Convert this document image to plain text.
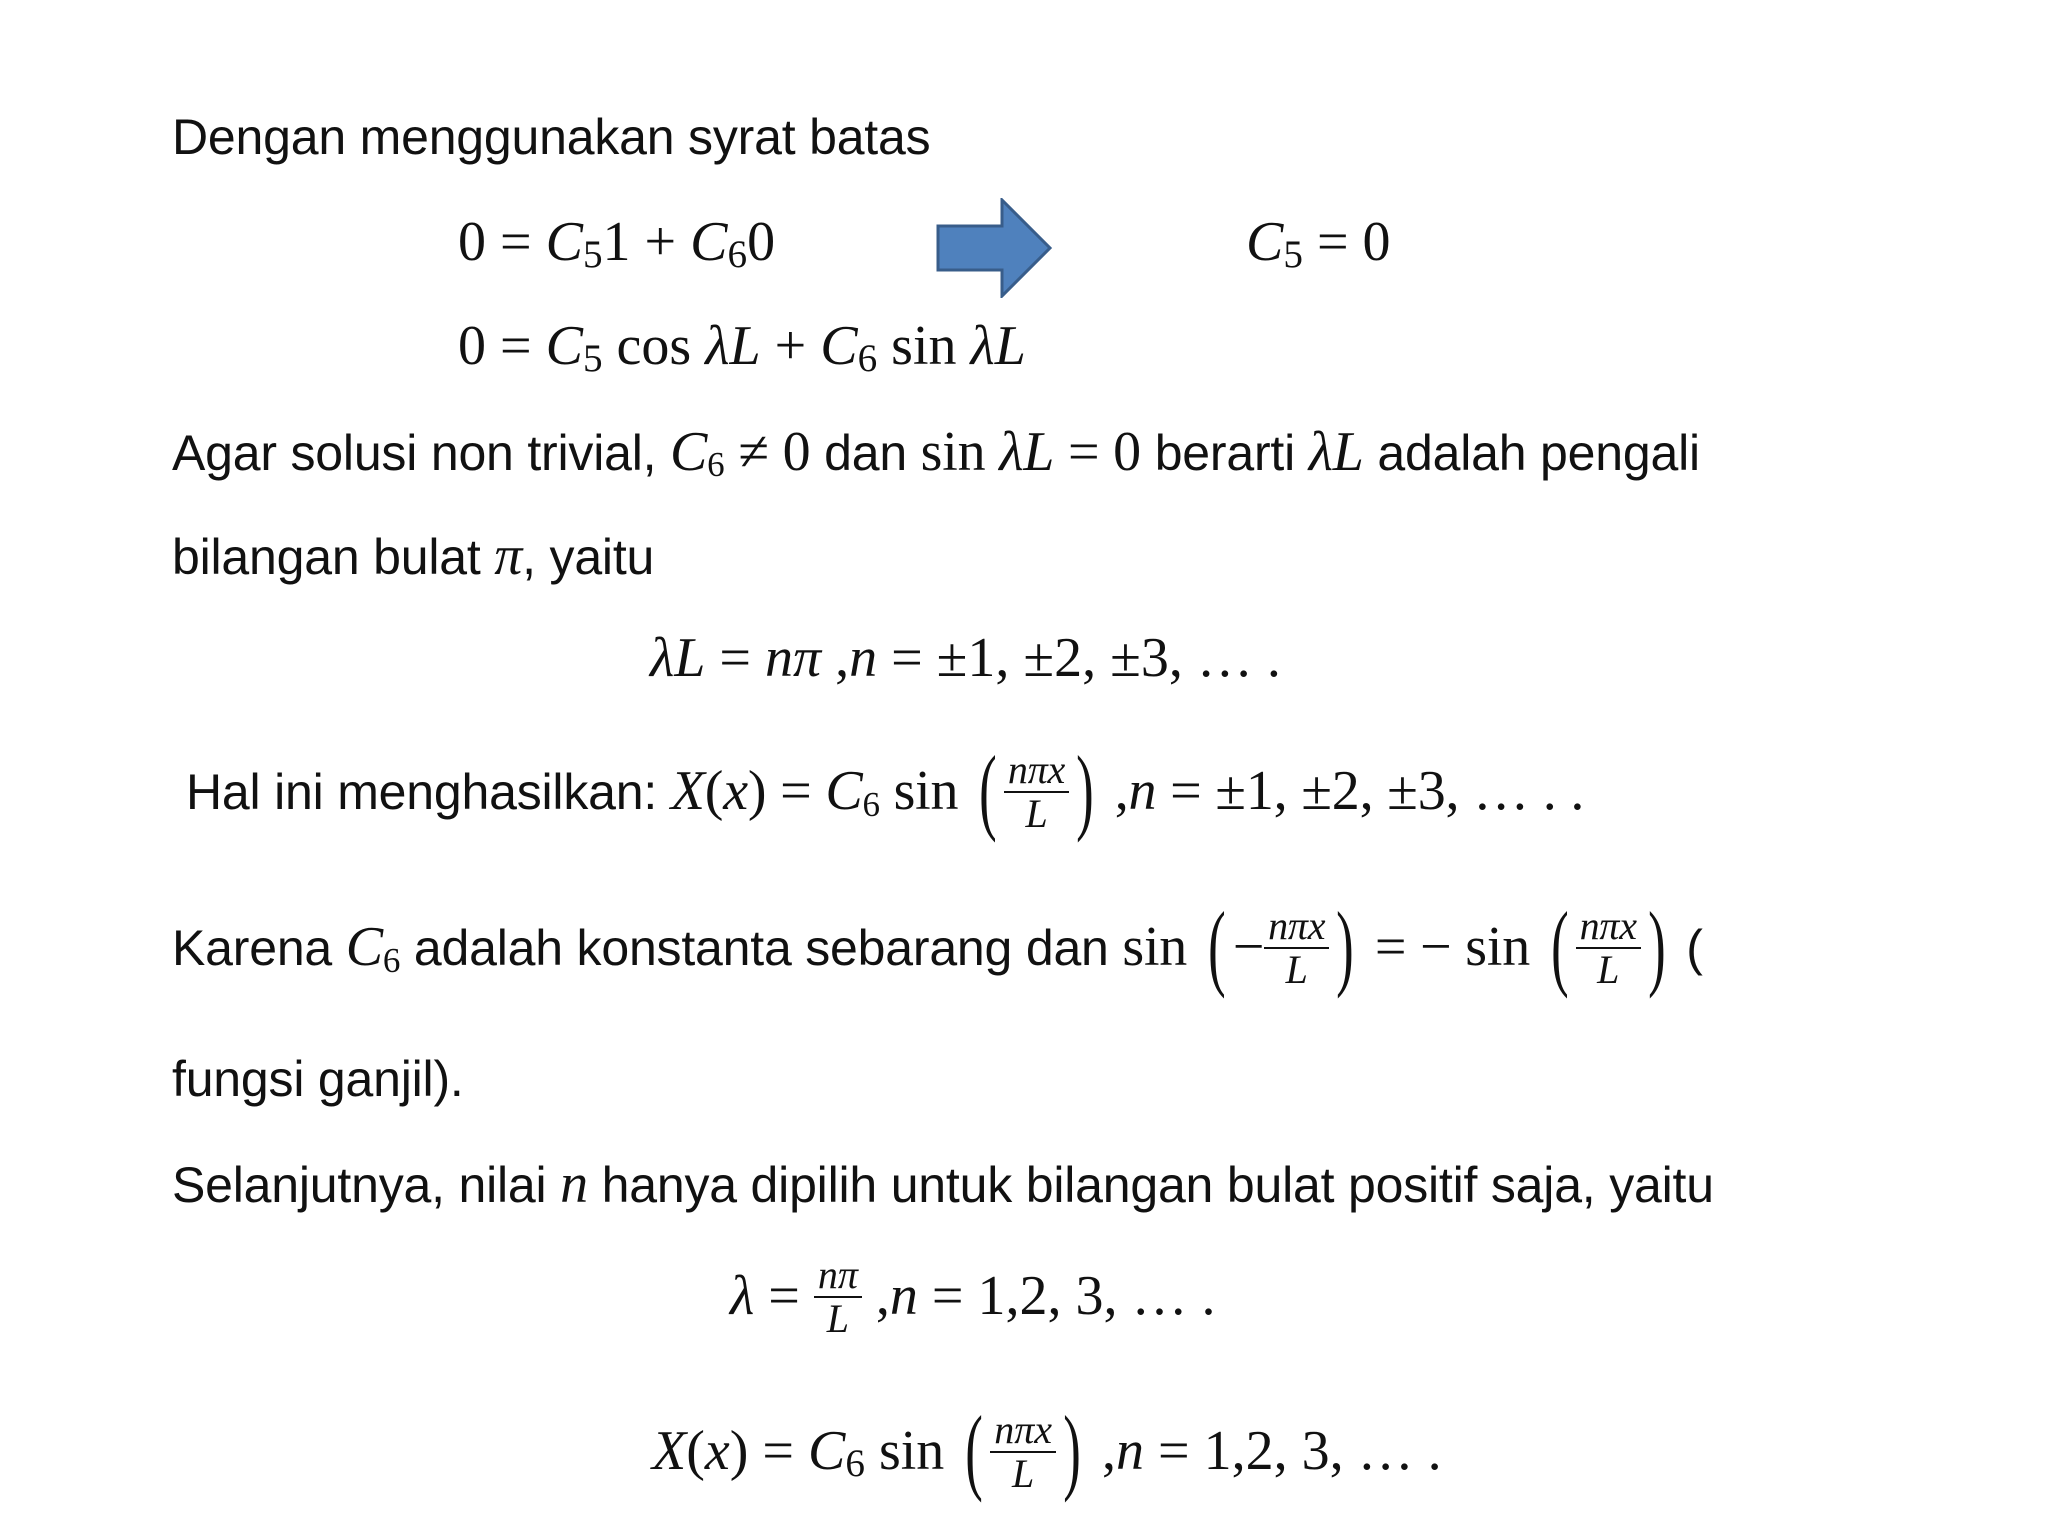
Dengan menggunakan syrat batas
$0 = C_51 + C_60$	$C_5 = 0$
$0 = C_5$ $\cos \lambda L + C_6$ sin λL
Agar solusi non trivial, $C_6 \ne 0$ dan sin λL = 0 berarti λL adalah pengali
bilangan bulat π, yaitu
λL = nπ ,n = ±1, ±2, ±3, … .
Hal ini menghasilkan: $X(x) = C_6$ sin ( $\frac{\text{nπx}}{L}$ ) ,n = ±1, ±2, ±3, … . .
Karena $C_6$ adalah konstanta sebarang dan sin ( − $\frac{\text{nπx}}{L}$ ) = − sin ( $\frac{\text{nπx}}{L}$ ) (
fungsi ganjil).
Selanjutnya, nilai n hanya dipilih untuk bilangan bulat positif saja, yaitu
$\lambda = \frac{n\pi}{L} ,n = 1,2$, 3, … .
$X(x) = C_6$ sin ( $\frac{\text{nπx}}{L}$ ) ,n = 1,2, 3, … .
